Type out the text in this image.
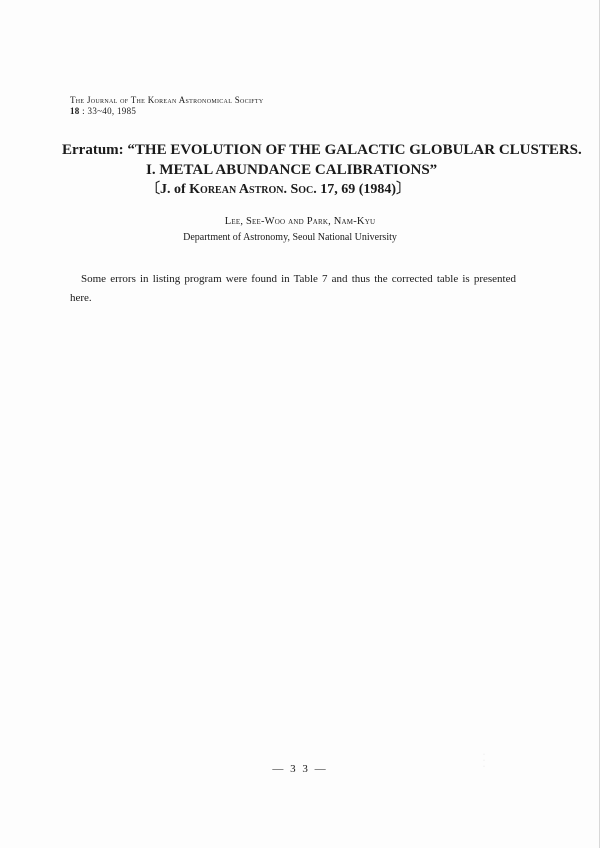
The Journal of The Korean Astronomical Socifty
18 : 33~40, 1985
Erratum: “THE EVOLUTION OF THE GALACTIC GLOBULAR CLUSTERS.
I. METAL ABUNDANCE CALIBRATIONS”
〔J. of Korean Astron. Soc. 17, 69 (1984)〕
Lee, See-Woo and Park, Nam-Kyu
Department of Astronomy, Seoul National University
Some errors in listing program were found in Table 7 and thus the corrected table is presented here.
· · ·
— 3 3 —
